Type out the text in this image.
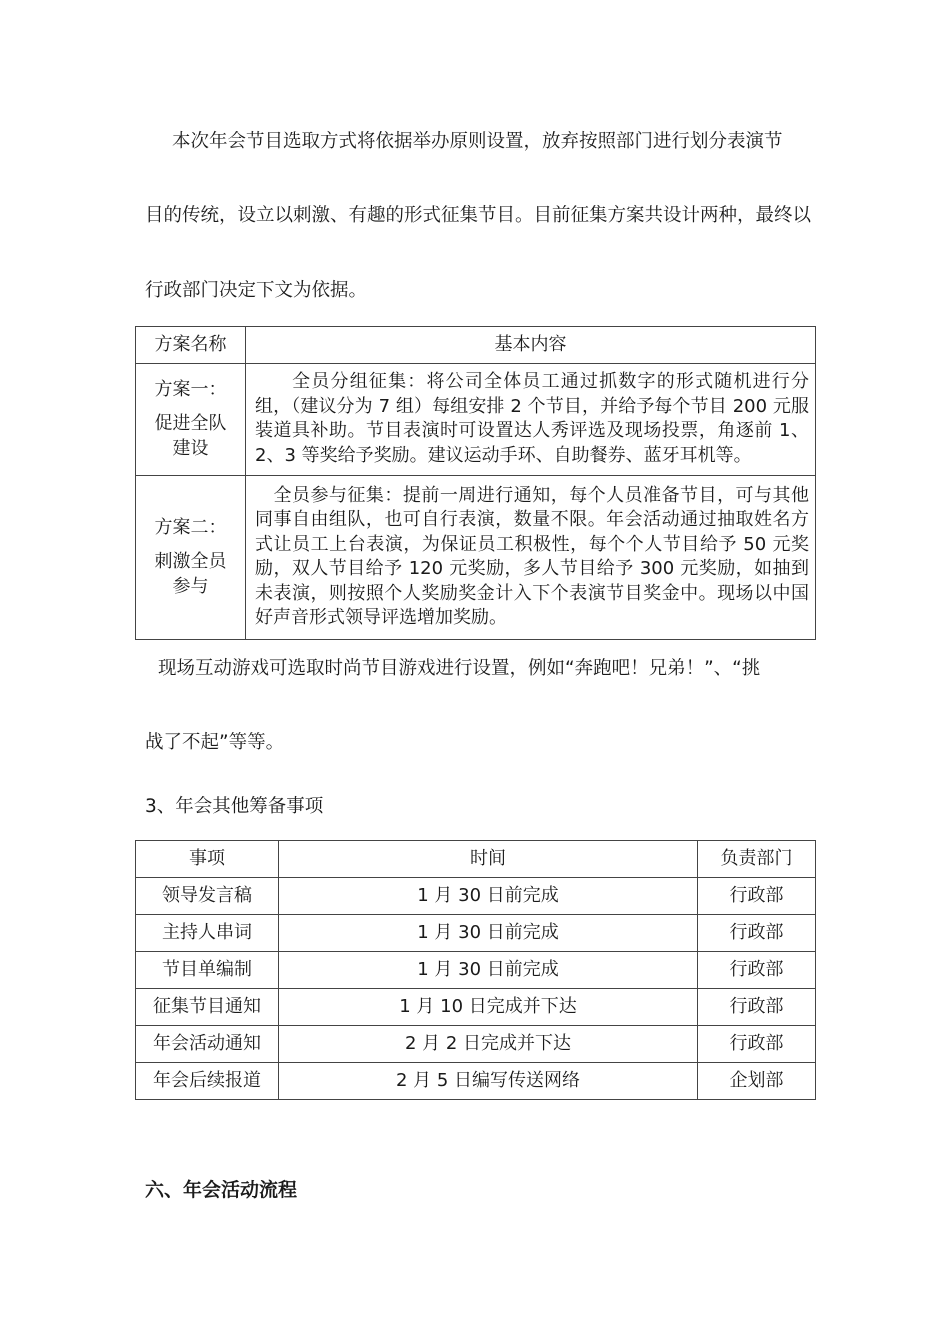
本次年会节目选取方式将依据举办原则设置，放弃按照部门进行划分表演节
目的传统，设立以刺激、有趣的形式征集节目。目前征集方案共设计两种，最终以
行政部门决定下文为依据。
方案名称	基本内容

方案一：
促进全队
建设	全员分组征集：将公司全体员工通过抓数字的形式随机进行分组，（建议分为 7 组）每组安排 2 个节目，并给予每个节目 200 元服装道具补助。节目表演时可设置达人秀评选及现场投票，角逐前 1、2、3 等奖给予奖励。建议运动手环、自助餐券、蓝牙耳机等。

方案二：
刺激全员
参与	全员参与征集：提前一周进行通知，每个人员准备节目，可与其他同事自由组队，也可自行表演，数量不限。年会活动通过抽取姓名方式让员工上台表演，为保证员工积极性，每个个人节目给予 50 元奖励，双人节目给予 120 元奖励，多人节目给予 300 元奖励，如抽到未表演，则按照个人奖励奖金计入下个表演节目奖金中。现场以中国好声音形式领导评选增加奖励。
现场互动游戏可选取时尚节目游戏进行设置，例如“奔跑吧！兄弟！”、“挑
战了不起”等等。
3、年会其他筹备事项
事项	时间	负责部门
领导发言稿	1 月 30 日前完成	行政部
主持人串词	1 月 30 日前完成	行政部
节目单编制	1 月 30 日前完成	行政部
征集节目通知	1 月 10 日完成并下达	行政部
年会活动通知	2 月 2 日完成并下达	行政部
年会后续报道	2 月 5 日编写传送网络	企划部
六、年会活动流程
